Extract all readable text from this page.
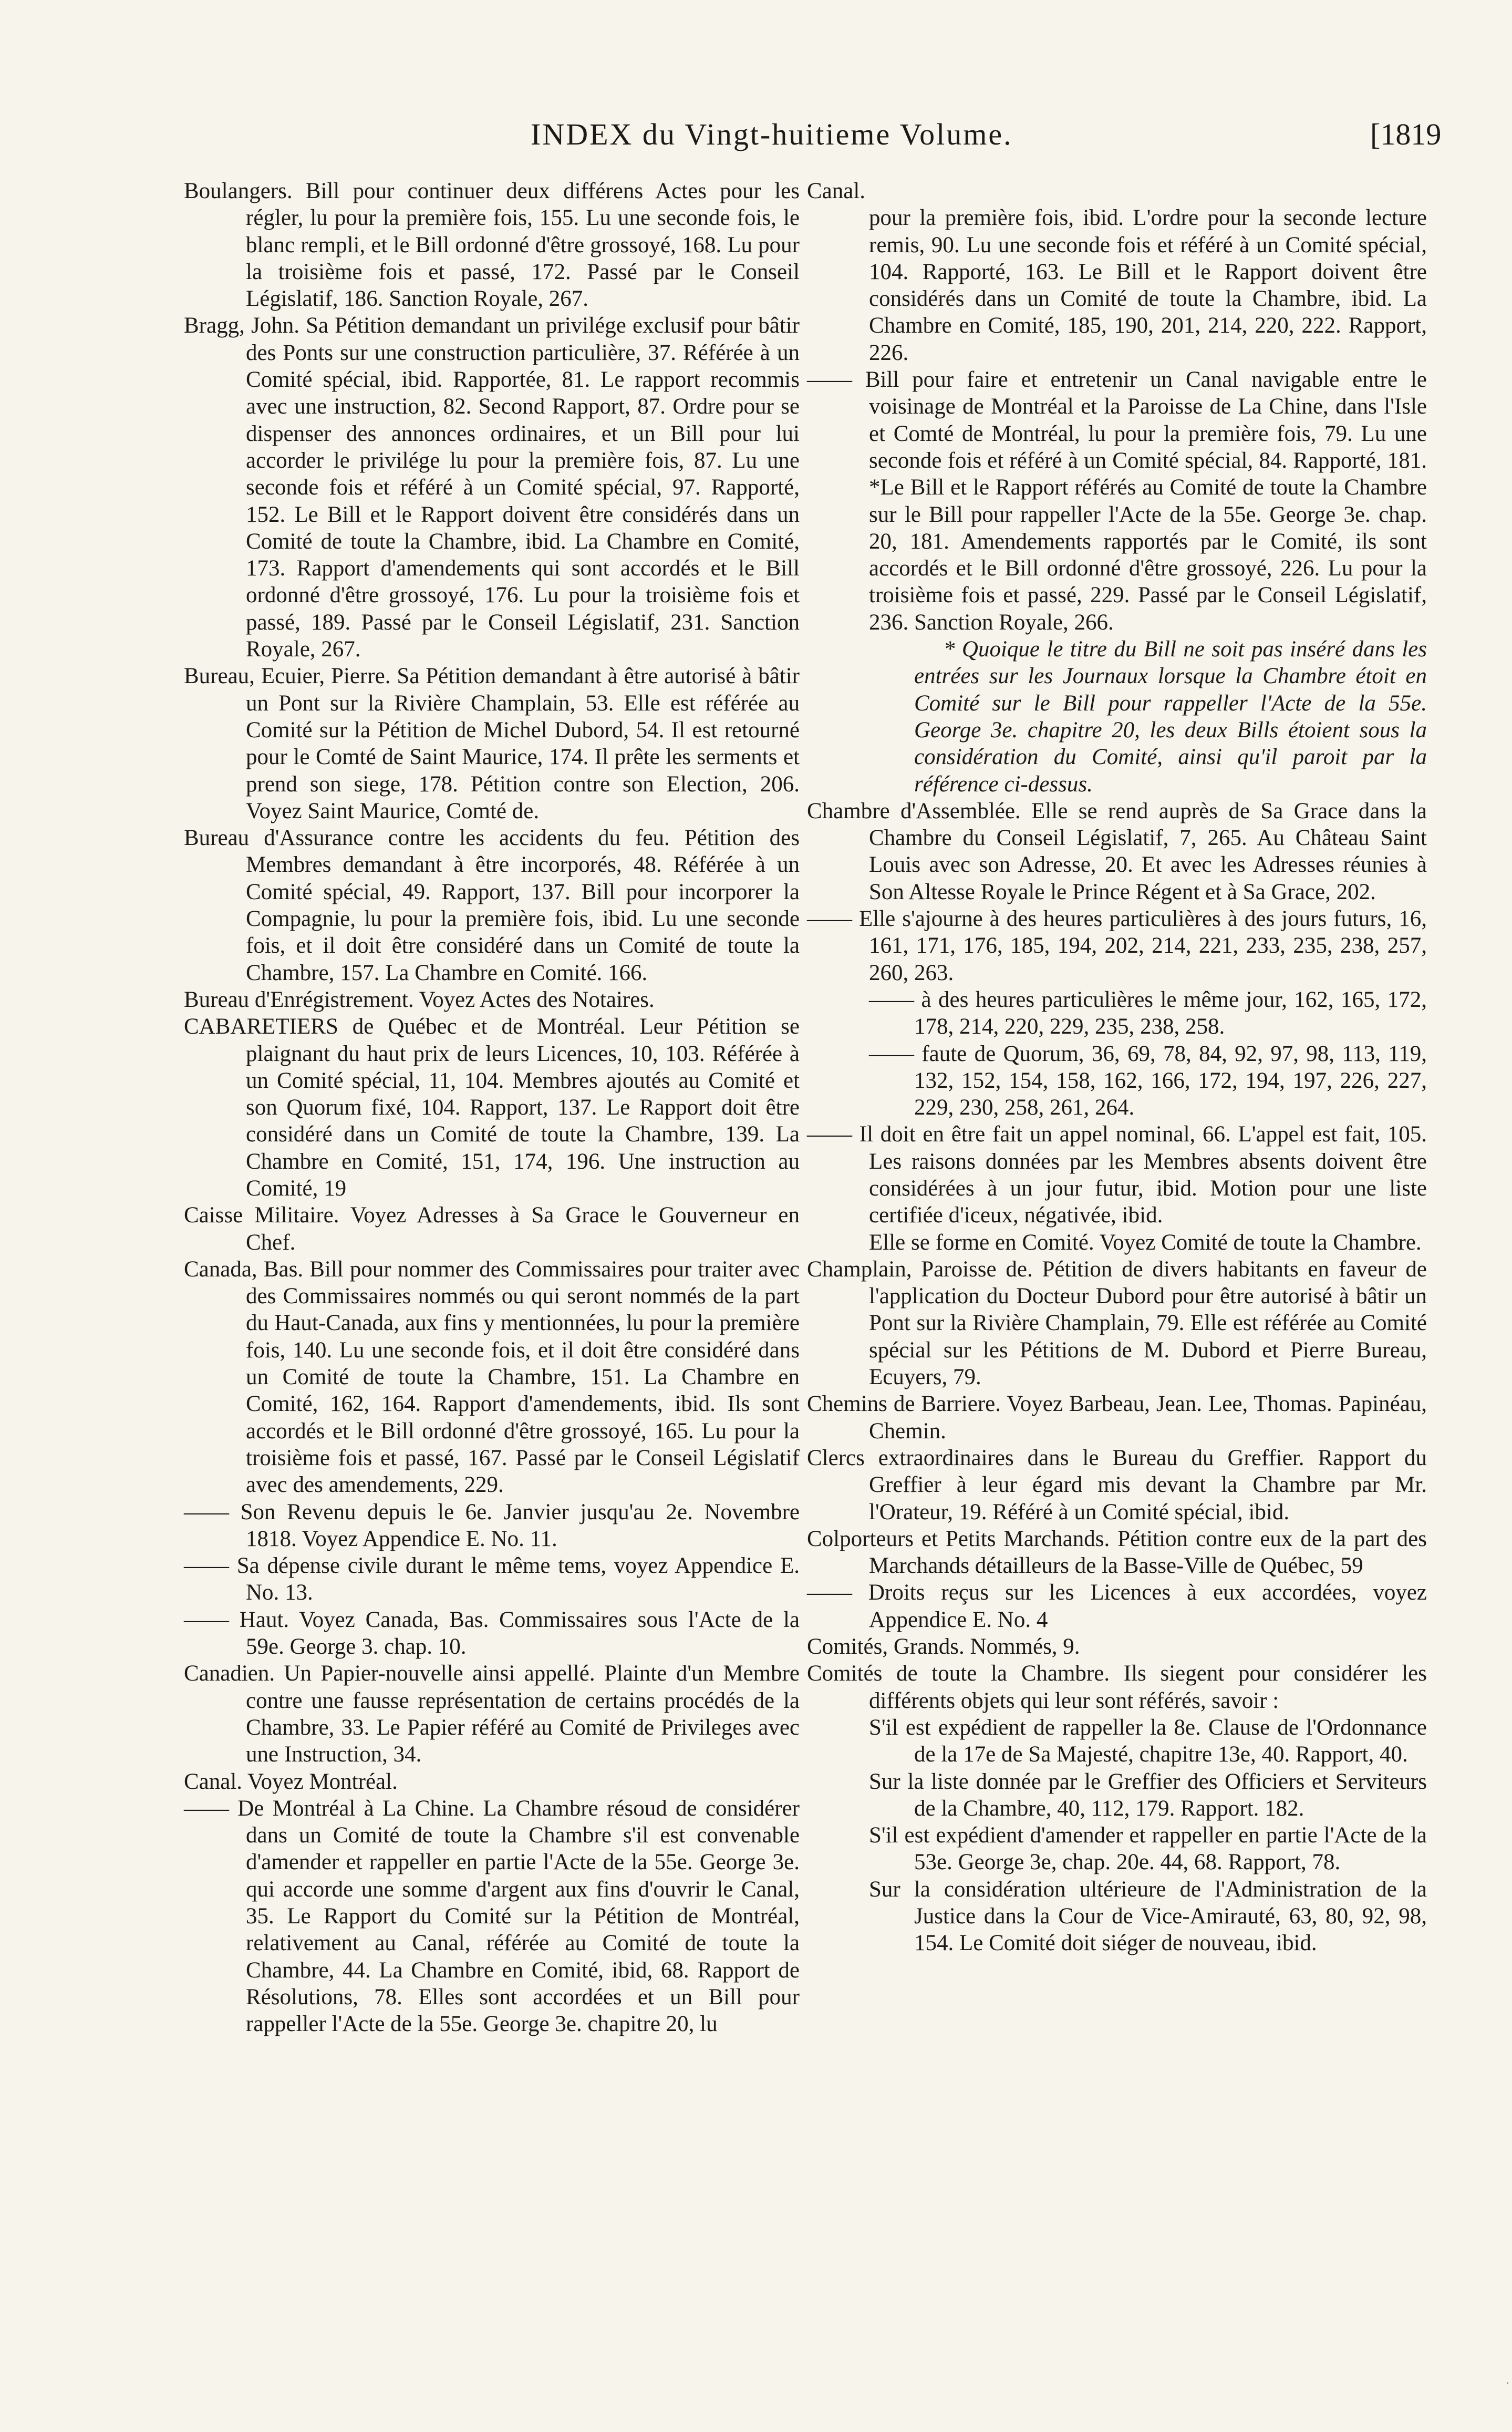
INDEX du Vingt-huitieme Volume.	[1819

Boulangers. Bill pour continuer deux différens Actes pour les régler, lu pour la première fois, 155. Lu une seconde fois, le blanc rempli, et le Bill ordonné d'être grossoyé, 168. Lu pour la troisième fois et passé, 172. Passé par le Conseil Législatif, 186. Sanction Royale, 267.

Bragg, John. Sa Pétition demandant un privilége exclusif pour bâtir des Ponts sur une construction particulière, 37. Référée à un Comité spécial, ibid. Rapportée, 81. Le rapport recommis avec une instruction, 82. Second Rapport, 87. Ordre pour se dispenser des annonces ordinaires, et un Bill pour lui accorder le privilége lu pour la première fois, 87. Lu une seconde fois et référé à un Comité spécial, 97. Rapporté, 152. Le Bill et le Rapport doivent être considérés dans un Comité de toute la Chambre, ibid. La Chambre en Comité, 173. Rapport d'amendements qui sont accordés et le Bill ordonné d'être grossoyé, 176. Lu pour la troisième fois et passé, 189. Passé par le Conseil Législatif, 231. Sanction Royale, 267.

Bureau, Ecuier, Pierre. Sa Pétition demandant à être autorisé à bâtir un Pont sur la Rivière Champlain, 53. Elle est référée au Comité sur la Pétition de Michel Dubord, 54. Il est retourné pour le Comté de Saint Maurice, 174. Il prête les serments et prend son siege, 178. Pétition contre son Election, 206. Voyez Saint Maurice, Comté de.

Bureau d'Assurance contre les accidents du feu. Pétition des Membres demandant à être incorporés, 48. Référée à un Comité spécial, 49. Rapport, 137. Bill pour incorporer la Compagnie, lu pour la première fois, ibid. Lu une seconde fois, et il doit être considéré dans un Comité de toute la Chambre, 157. La Chambre en Comité. 166.

Bureau d'Enrégistrement. Voyez Actes des Notaires.

CABARETIERS de Québec et de Montréal. Leur Pétition se plaignant du haut prix de leurs Licences, 10, 103. Référée à un Comité spécial, 11, 104. Membres ajoutés au Comité et son Quorum fixé, 104. Rapport, 137. Le Rapport doit être considéré dans un Comité de toute la Chambre, 139. La Chambre en Comité, 151, 174, 196. Une instruction au Comité, 19

Caisse Militaire. Voyez Adresses à Sa Grace le Gouverneur en Chef.

Canada, Bas. Bill pour nommer des Commissaires pour traiter avec des Commissaires nommés ou qui seront nommés de la part du Haut-Canada, aux fins y mentionnées, lu pour la première fois, 140. Lu une seconde fois, et il doit être considéré dans un Comité de toute la Chambre, 151. La Chambre en Comité, 162, 164. Rapport d'amendements, ibid. Ils sont accordés et le Bill ordonné d'être grossoyé, 165. Lu pour la troisième fois et passé, 167. Passé par le Conseil Législatif avec des amendements, 229.

—— Son Revenu depuis le 6e. Janvier jusqu'au 2e. Novembre 1818. Voyez Appendice E. No. 11.

—— Sa dépense civile durant le même tems, voyez Appendice E. No. 13.

—— Haut. Voyez Canada, Bas. Commissaires sous l'Acte de la 59e. George 3. chap. 10.

Canadien. Un Papier-nouvelle ainsi appellé. Plainte d'un Membre contre une fausse représentation de certains procédés de la Chambre, 33. Le Papier référé au Comité de Privileges avec une Instruction, 34.

Canal. Voyez Montréal.

—— De Montréal à La Chine. La Chambre résoud de considérer dans un Comité de toute la Chambre s'il est convenable d'amender et rappeller en partie l'Acte de la 55e. George 3e. qui accorde une somme d'argent aux fins d'ouvrir le Canal, 35. Le Rapport du Comité sur la Pétition de Montréal, relativement au Canal, référée au Comité de toute la Chambre, 44. La Chambre en Comité, ibid, 68. Rapport de Résolutions, 78. Elles sont accordées et un Bill pour rappeller l'Acte de la 55e. George 3e. chapitre 20, lu

Canal.

pour la première fois, ibid. L'ordre pour la seconde lecture remis, 90. Lu une seconde fois et référé à un Comité spécial, 104. Rapporté, 163. Le Bill et le Rapport doivent être considérés dans un Comité de toute la Chambre, ibid. La Chambre en Comité, 185, 190, 201, 214, 220, 222. Rapport, 226.

—— Bill pour faire et entretenir un Canal navigable entre le voisinage de Montréal et la Paroisse de La Chine, dans l'Isle et Comté de Montréal, lu pour la première fois, 79. Lu une seconde fois et référé à un Comité spécial, 84. Rapporté, 181. *Le Bill et le Rapport référés au Comité de toute la Chambre sur le Bill pour rappeller l'Acte de la 55e. George 3e. chap. 20, 181. Amendements rapportés par le Comité, ils sont accordés et le Bill ordonné d'être grossoyé, 226. Lu pour la troisième fois et passé, 229. Passé par le Conseil Législatif, 236. Sanction Royale, 266.

* Quoique le titre du Bill ne soit pas inséré dans les entrées sur les Journaux lorsque la Chambre étoit en Comité sur le Bill pour rappeller l'Acte de la 55e. George 3e. chapitre 20, les deux Bills étoient sous la considération du Comité, ainsi qu'il paroit par la référence ci-dessus.

Chambre d'Assemblée. Elle se rend auprès de Sa Grace dans la Chambre du Conseil Législatif, 7, 265. Au Château Saint Louis avec son Adresse, 20. Et avec les Adresses réunies à Son Altesse Royale le Prince Régent et à Sa Grace, 202.

—— Elle s'ajourne à des heures particulières à des jours futurs, 16, 161, 171, 176, 185, 194, 202, 214, 221, 233, 235, 238, 257, 260, 263.

—— à des heures particulières le même jour, 162, 165, 172, 178, 214, 220, 229, 235, 238, 258.

—— faute de Quorum, 36, 69, 78, 84, 92, 97, 98, 113, 119, 132, 152, 154, 158, 162, 166, 172, 194, 197, 226, 227, 229, 230, 258, 261, 264.

—— Il doit en être fait un appel nominal, 66. L'appel est fait, 105. Les raisons données par les Membres absents doivent être considérées à un jour futur, ibid. Motion pour une liste certifiée d'iceux, négativée, ibid.

Elle se forme en Comité. Voyez Comité de toute la Chambre.

Champlain, Paroisse de. Pétition de divers habitants en faveur de l'application du Docteur Dubord pour être autorisé à bâtir un Pont sur la Rivière Champlain, 79. Elle est référée au Comité spécial sur les Pétitions de M. Dubord et Pierre Bureau, Ecuyers, 79.

Chemins de Barriere. Voyez Barbeau, Jean. Lee, Thomas. Papinéau, Chemin.

Clercs extraordinaires dans le Bureau du Greffier. Rapport du Greffier à leur égard mis devant la Chambre par Mr. l'Orateur, 19. Référé à un Comité spécial, ibid.

Colporteurs et Petits Marchands. Pétition contre eux de la part des Marchands détailleurs de la Basse-Ville de Québec, 59

—— Droits reçus sur les Licences à eux accordées, voyez Appendice E. No. 4

Comités, Grands. Nommés, 9.

Comités de toute la Chambre. Ils siegent pour considérer les différents objets qui leur sont référés, savoir :

S'il est expédient de rappeller la 8e. Clause de l'Ordonnance de la 17e de Sa Majesté, chapitre 13e, 40. Rapport, 40.

Sur la liste donnée par le Greffier des Officiers et Serviteurs de la Chambre, 40, 112, 179. Rapport. 182.

S'il est expédient d'amender et rappeller en partie l'Acte de la 53e. George 3e, chap. 20e. 44, 68. Rapport, 78.

Sur la considération ultérieure de l'Administration de la Justice dans la Cour de Vice-Amirauté, 63, 80, 92, 98, 154. Le Comité doit siéger de nouveau, ibid.

·
